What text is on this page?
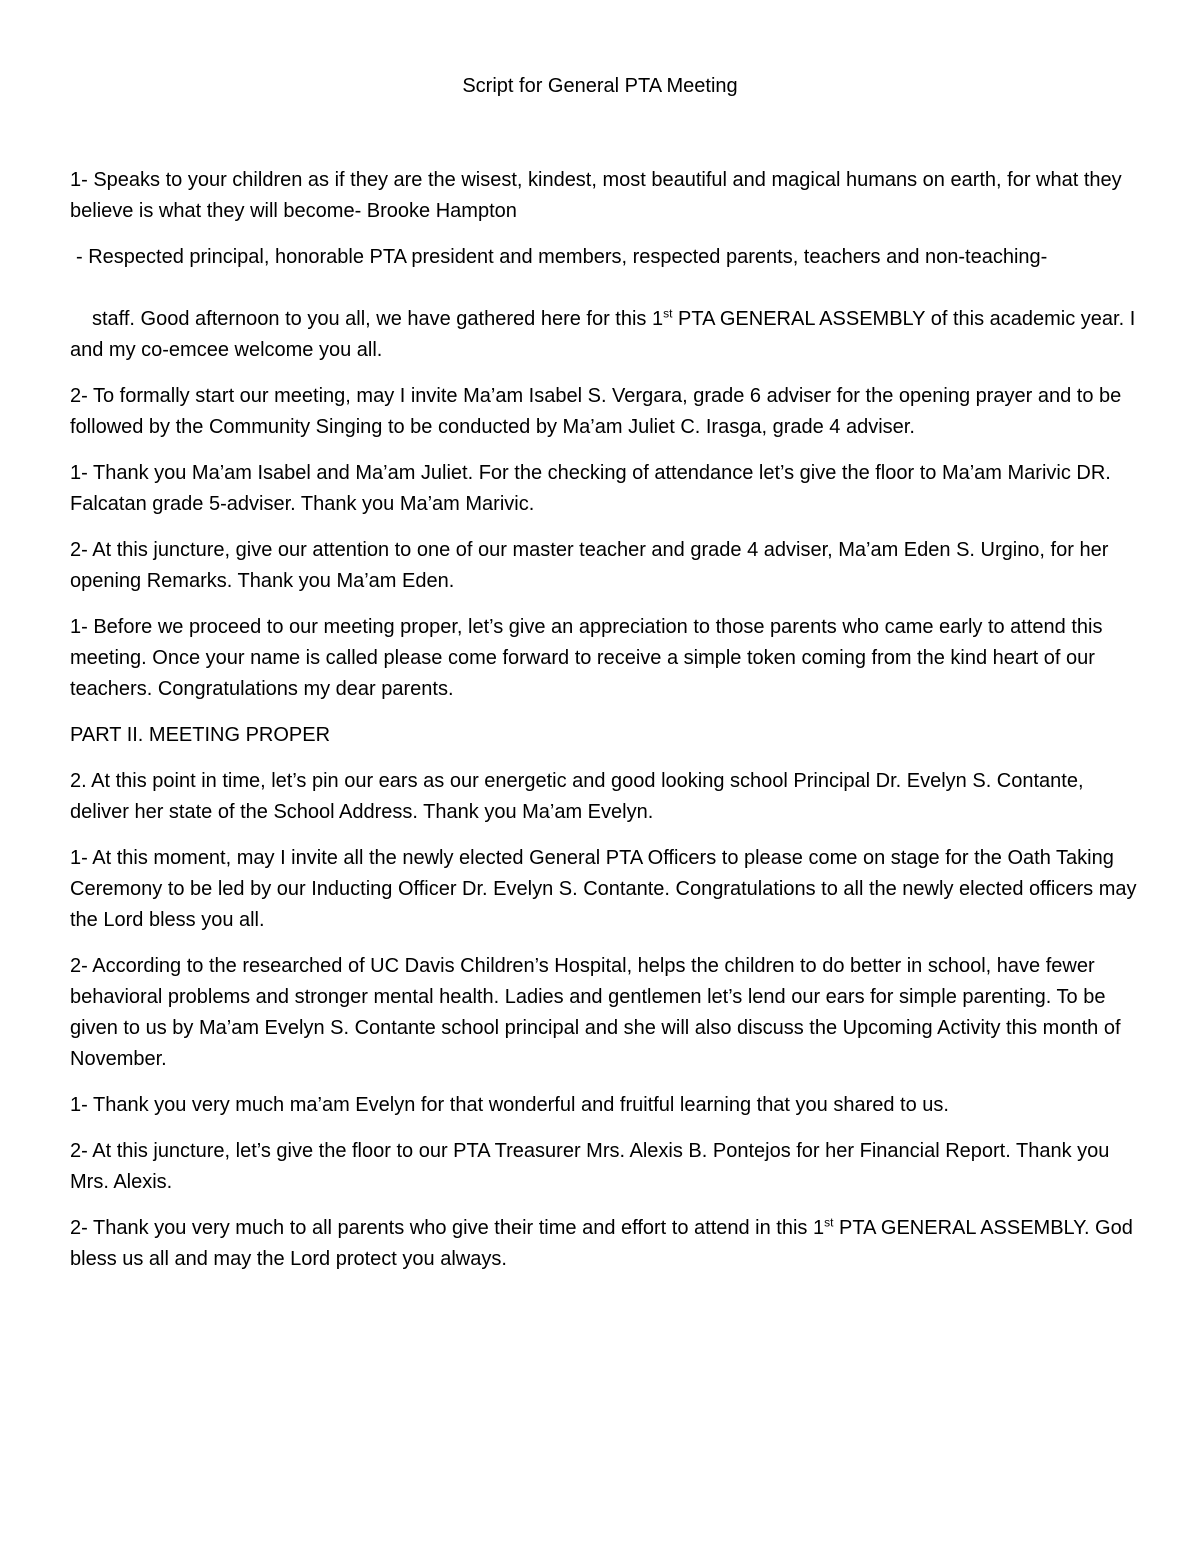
Script for General PTA Meeting

1- Speaks to your children as if they are the wisest, kindest, most beautiful and magical humans on earth, for what they believe is what they will become- Brooke Hampton

- Respected principal, honorable PTA president and members, respected parents, teachers and non-teaching-

staff. Good afternoon to you all, we have gathered here for this 1st PTA GENERAL ASSEMBLY of this academic year. I and my co-emcee welcome you all.

2- To formally start our meeting, may I invite Ma’am Isabel S. Vergara, grade 6 adviser for the opening prayer and to be followed by the Community Singing to be conducted by Ma’am Juliet C. Irasga, grade 4 adviser.

1- Thank you Ma’am Isabel and Ma’am Juliet. For the checking of attendance let’s give the floor to Ma’am Marivic DR. Falcatan grade 5-adviser. Thank you Ma’am Marivic.

2- At this juncture, give our attention to one of our master teacher and grade 4 adviser, Ma’am Eden S. Urgino, for her opening Remarks. Thank you Ma’am Eden.

1- Before we proceed to our meeting proper, let’s give an appreciation to those parents who came early to attend this meeting. Once your name is called please come forward to receive a simple token coming from the kind heart of our teachers. Congratulations my dear parents.

PART II. MEETING PROPER

2. At this point in time, let’s pin our ears as our energetic and good looking school Principal Dr. Evelyn S. Contante, deliver her state of the School Address. Thank you Ma’am Evelyn.

1- At this moment, may I invite all the newly elected General PTA Officers to please come on stage for the Oath Taking Ceremony to be led by our Inducting Officer Dr. Evelyn S. Contante. Congratulations to all the newly elected officers may the Lord bless you all.

2- According to the researched of UC Davis Children’s Hospital, helps the children to do better in school, have fewer behavioral problems and stronger mental health. Ladies and gentlemen let’s lend our ears for simple parenting. To be given to us by Ma’am Evelyn S. Contante school principal and she will also discuss the Upcoming Activity this month of November.

1- Thank you very much ma’am Evelyn for that wonderful and fruitful learning that you shared to us.

2- At this juncture, let’s give the floor to our PTA Treasurer Mrs. Alexis B. Pontejos for her Financial Report. Thank you Mrs. Alexis.

2- Thank you very much to all parents who give their time and effort to attend in this 1st PTA GENERAL ASSEMBLY. God bless us all and may the Lord protect you always.
